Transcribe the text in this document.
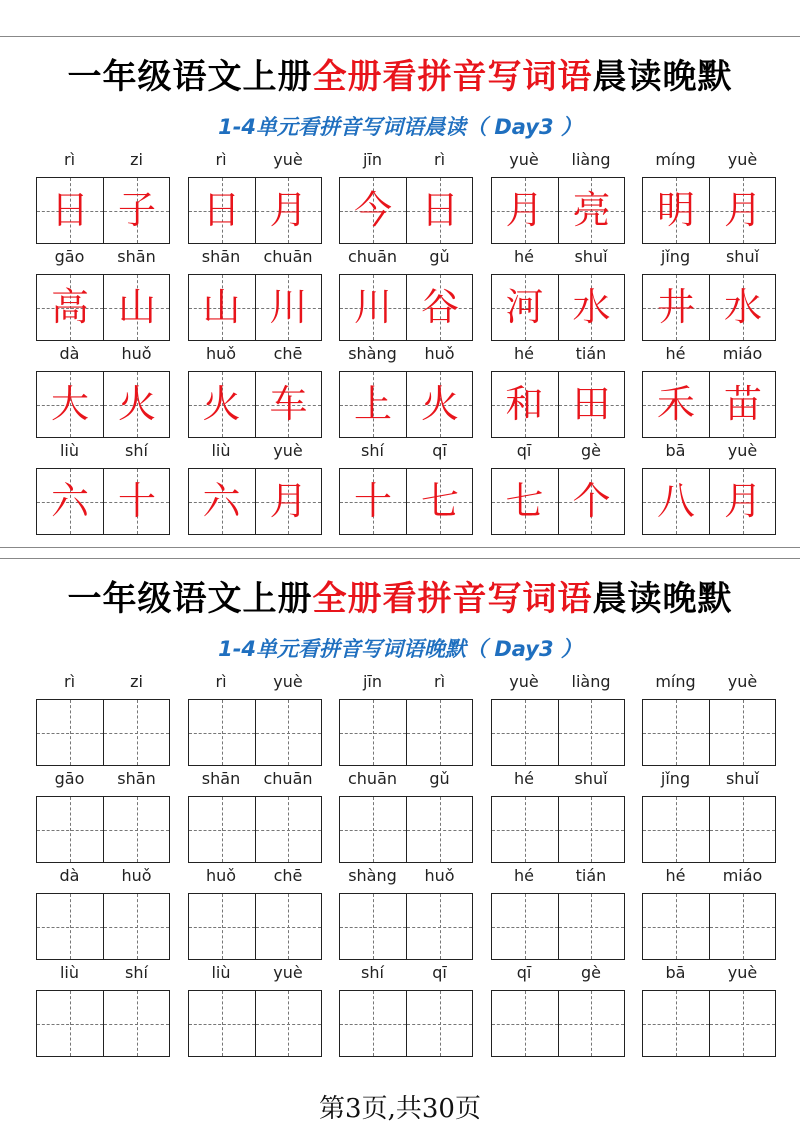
一年级语文上册全册看拼音写词语晨读晚默
1-4单元看拼音写词语晨读（ Day3 ）
rì	zi
日 子
rì	yuè
日 月
jīn	rì
今 日
yuè	liàng
月 亮
míng	yuè
明 月
gāo	shān
高 山
shān	chuān
山 川
chuān	gǔ
川 谷
hé	shuǐ
河 水
jǐng	shuǐ
井 水
dà	huǒ
大 火
huǒ	chē
火 车
shàng	huǒ
上 火
hé	tián
和 田
hé	miáo
禾 苗
liù	shí
六 十
liù	yuè
六 月
shí	qī
十 七
qī	gè
七 个
bā	yuè
八 月
一年级语文上册全册看拼音写词语晨读晚默
1-4单元看拼音写词语晚默（ Day3 ）
rì	zi	rì	yuè	jīn	rì	yuè	liàng	míng	yuè
gāo	shān	shān	chuān	chuān	gǔ	hé	shuǐ	jǐng	shuǐ
dà	huǒ	huǒ	chē	shàng	huǒ	hé	tián	hé	miáo
liù	shí	liù	yuè	shí	qī	qī	gè	bā	yuè
第3页,共30页
